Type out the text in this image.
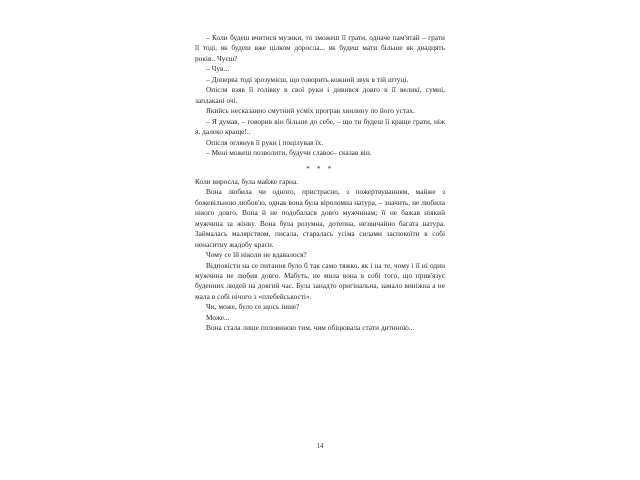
– Коли будеш вчитися музики, то зможеш її грати, одначе пам'ятай – грати її тоді, як будеш вже цілком доросла... як будеш мати більше як двадцять років.. Чуєш?

– Чув...

– Доперва тоді зрозумієш, що говорить кожний звук в тій штуці.

Опісля взяв її голівку в свої руки і дивився довго в її великі, сумні, заплакані очі.

Якийсь несказанно смутний усміх програв хвилину по його устах.

– Я думав, – говорив він більше до себе, – що ти будеш її краще грати, ніж я, далеко краще!..

Опісля оглянув її руки і поцілував їх.

– Мені можеш позволити, будучи славоє– сказав він.

* * *

Коли виросла, була майже гарна.

Вона любила чи одного, пристрасно, з пожертвуванням, майже з божевільною любов'ю, однак вона була віроломна натура, – значить, не любила нікого довго. Вона й не подобалася довго мужчинам; її не бажав ніякий мужчина за жінку. Вона була розумна, дотепна, незвичайно багата натура. Займалась малярством, писала, старалась усіма силами заспокоїти в собі ненаситну жадобу краси.

Чому се їй ніколи не вдавалося?

Відповісти на се питання було б так само тяжко, як і на те, чому і її ні один мужчина не любив довго. Мабуть, не мила вона в собі того, що прив'язує буденних людей на довгий час. Була занадто оригінальна, замало виніжна а не мала в собі нічого з «плебейськості».

Чи, може, було се щось інше?

Може...

Вона стала лише половиною тим, чим обіцювала стати дитиною...

14
